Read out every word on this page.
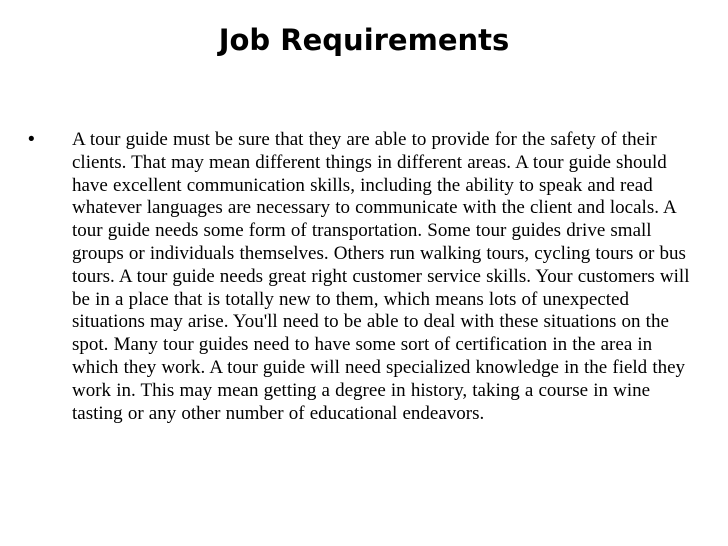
Job Requirements
• A tour guide must be sure that they are able to provide for the safety of their clients. That may mean different things in different areas. A tour guide should have excellent communication skills, including the ability to speak and read whatever languages are necessary to communicate with the client and locals. A tour guide needs some form of transportation. Some tour guides drive small groups or individuals themselves. Others run walking tours, cycling tours or bus tours. A tour guide needs great right customer service skills. Your customers will be in a place that is totally new to them, which means lots of unexpected situations may arise. You'll need to be able to deal with these situations on the spot. Many tour guides need to have some sort of certification in the area in which they work. A tour guide will need specialized knowledge in the field they work in. This may mean getting a degree in history, taking a course in wine tasting or any other number of educational endeavors.
